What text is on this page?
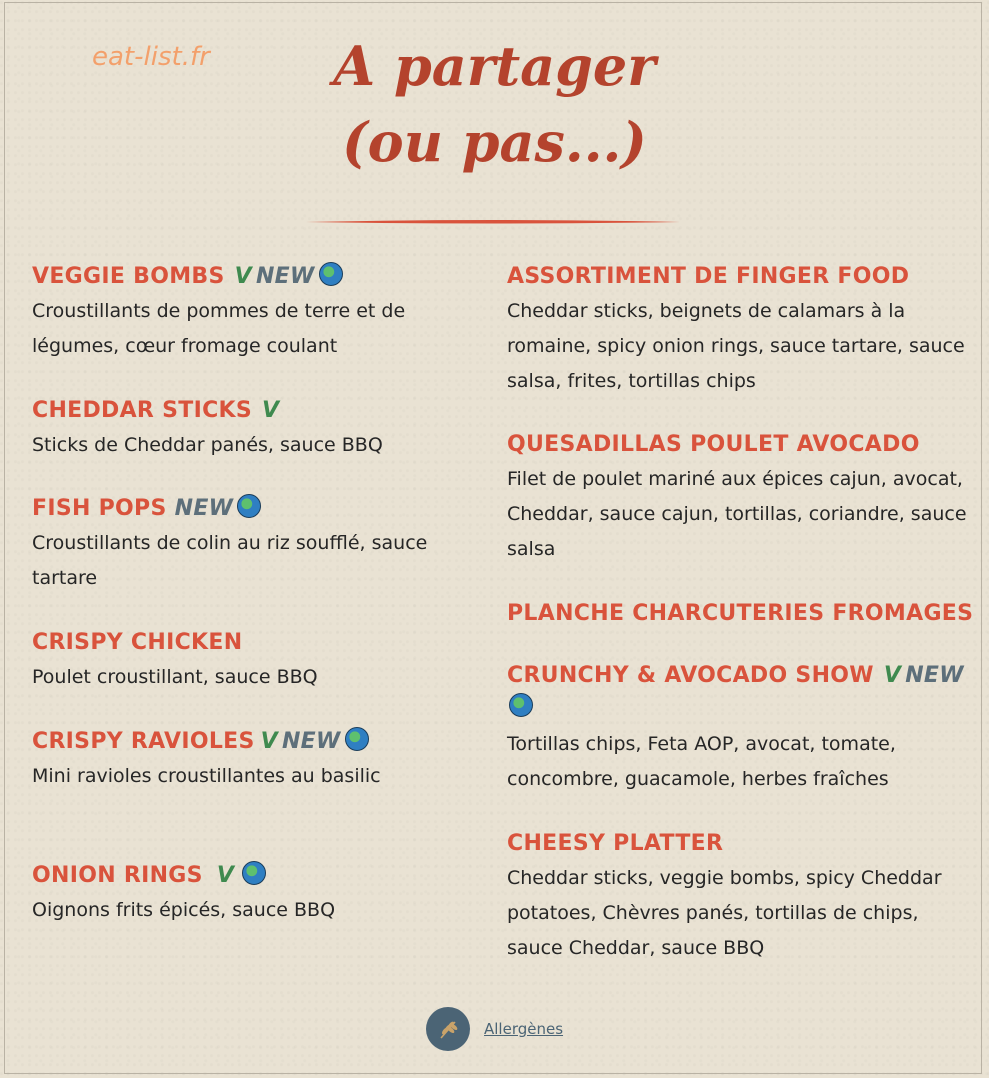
eat-list.fr	A partager
(ou pas...)
VEGGIE BOMBS V NEW
Croustillants de pommes de terre et de légumes, cœur fromage coulant
CHEDDAR STICKS V
Sticks de Cheddar panés, sauce BBQ
FISH POPS NEW
Croustillants de colin au riz soufflé, sauce tartare
CRISPY CHICKEN
Poulet croustillant, sauce BBQ
CRISPY RAVIOLES V NEW
Mini ravioles croustillantes au basilic
ONION RINGS V
Oignons frits épicés, sauce BBQ
ASSORTIMENT DE FINGER FOOD
Cheddar sticks, beignets de calamars à la romaine, spicy onion rings, sauce tartare, sauce salsa, frites, tortillas chips
QUESADILLAS POULET AVOCADO
Filet de poulet mariné aux épices cajun, avocat, Cheddar, sauce cajun, tortillas, coriandre, sauce salsa
PLANCHE CHARCUTERIES FROMAGES
CRUNCHY & AVOCADO SHOW V NEW
Tortillas chips, Feta AOP, avocat, tomate, concombre, guacamole, herbes fraîches
CHEESY PLATTER
Cheddar sticks, veggie bombs, spicy Cheddar potatoes, Chèvres panés, tortillas de chips, sauce Cheddar, sauce BBQ
Allergènes
